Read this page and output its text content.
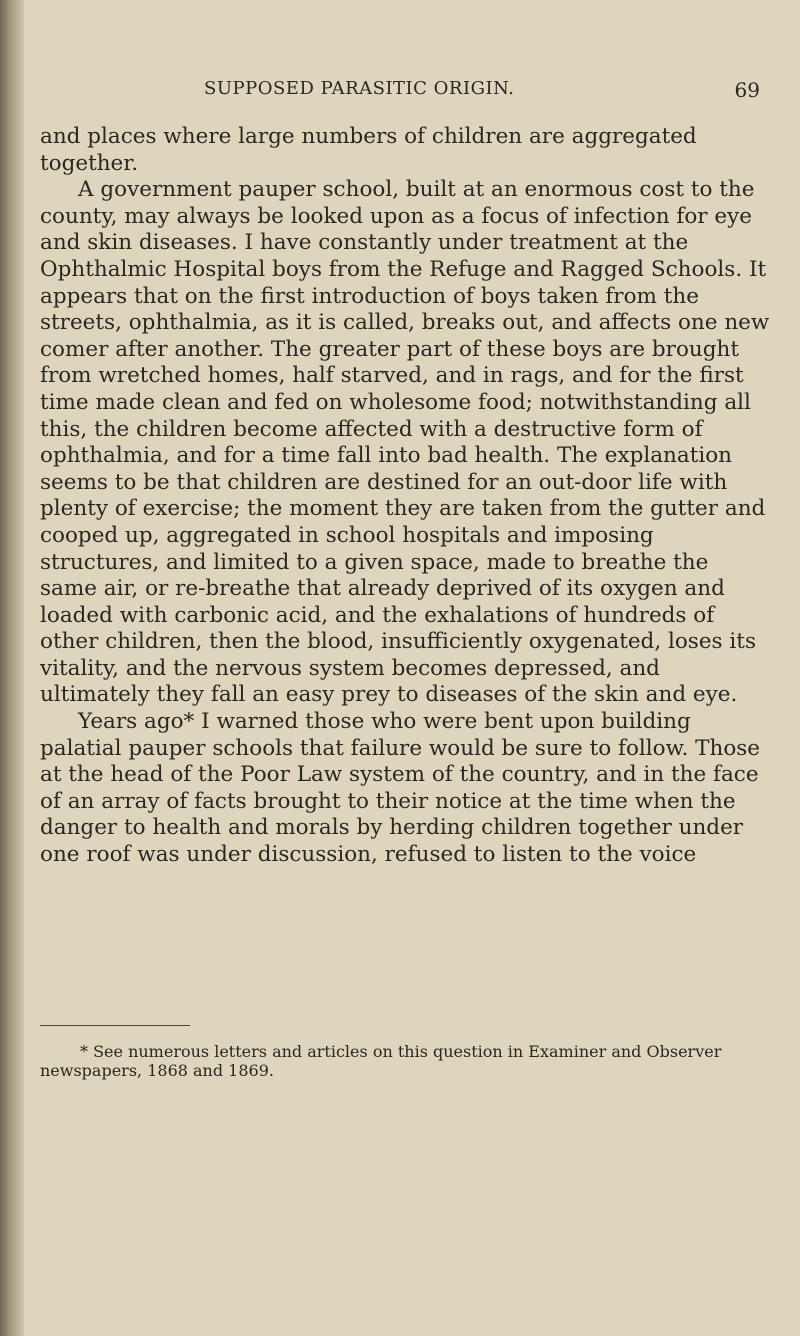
SUPPOSED PARASITIC ORIGIN.	69

and places where large numbers of children are aggregated together.

A government pauper school, built at an enormous cost to the county, may always be looked upon as a focus of infection for eye and skin diseases. I have constantly under treatment at the Ophthalmic Hospital boys from the Refuge and Ragged Schools. It appears that on the first introduction of boys taken from the streets, ophthalmia, as it is called, breaks out, and affects one new comer after another. The greater part of these boys are brought from wretched homes, half starved, and in rags, and for the first time made clean and fed on wholesome food; notwithstanding all this, the children become affected with a destructive form of ophthalmia, and for a time fall into bad health. The explanation seems to be that children are destined for an out-door life with plenty of exercise; the moment they are taken from the gutter and cooped up, aggregated in school hospitals and imposing structures, and limited to a given space, made to breathe the same air, or re-breathe that already deprived of its oxygen and loaded with carbonic acid, and the exhalations of hundreds of other children, then the blood, insufficiently oxygenated, loses its vitality, and the nervous system becomes depressed, and ultimately they fall an easy prey to diseases of the skin and eye.

Years ago* I warned those who were bent upon building palatial pauper schools that failure would be sure to follow. Those at the head of the Poor Law system of the country, and in the face of an array of facts brought to their notice at the time when the danger to health and morals by herding children together under one roof was under discussion, refused to listen to the voice

* See numerous letters and articles on this question in Examiner and Observer newspapers, 1868 and 1869.
